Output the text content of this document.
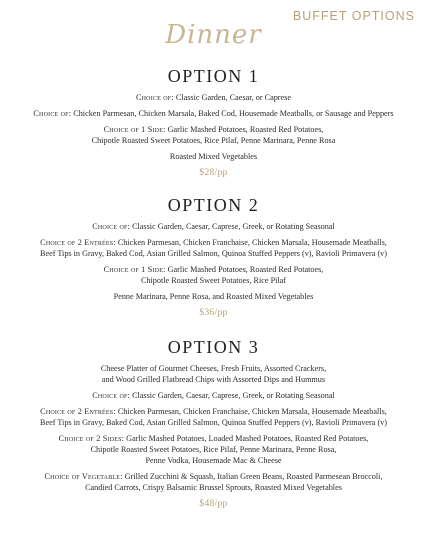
BUFFET OPTIONS
Dinner
OPTION 1
Choice of: Classic Garden, Caesar, or Caprese
Choice of: Chicken Parmesan, Chicken Marsala, Baked Cod, Housemade Meatballs, or Sausage and Peppers
Choice of 1 Side: Garlic Mashed Potatoes, Roasted Red Potatoes,
Chipotle Roasted Sweet Potatoes, Rice Pilaf, Penne Marinara, Penne Rosa
Roasted Mixed Vegetables
$28/pp
OPTION 2
Choice of: Classic Garden, Caesar, Caprese, Greek, or Rotating Seasonal
Choice of 2 Entrées: Chicken Parmesan, Chicken Franchaise, Chicken Marsala, Housemade Meatballs,
Beef Tips in Gravy, Baked Cod, Asian Grilled Salmon, Quinoa Stuffed Peppers (v), Ravioli Primavera (v)
Choice of 1 Side: Garlic Mashed Potatoes, Roasted Red Potatoes,
Chipotle Roasted Sweet Potatoes, Rice Pilaf
Penne Marinara, Penne Rosa, and Roasted Mixed Vegetables
$36/pp
OPTION 3
Cheese Platter of Gourmet Cheeses, Fresh Fruits, Assorted Crackers,
and Wood Grilled Flatbread Chips with Assorted Dips and Hummus
Choice of: Classic Garden, Caesar, Caprese, Greek, or Rotating Seasonal
Choice of 2 Entrées: Chicken Parmesan, Chicken Franchaise, Chicken Marsala, Housemade Meatballs,
Beef Tips in Gravy, Baked Cod, Asian Grilled Salmon, Quinoa Stuffed Peppers (v), Ravioli Primavera (v)
Choice of 2 Sides: Garlic Mashed Potatoes, Loaded Mashed Potatoes, Roasted Red Potatoes,
Chipotle Roasted Sweet Potatoes, Rice Pilaf, Penne Marinara, Penne Rosa,
Penne Vodka, Housemade Mac & Cheese
Choice of Vegetable: Grilled Zucchini & Squash, Italian Green Beans, Roasted Parmesean Broccoli,
Candied Carrots, Crispy Balsamic Brussel Sprouts, Roasted Mixed Vegetables
$48/pp
